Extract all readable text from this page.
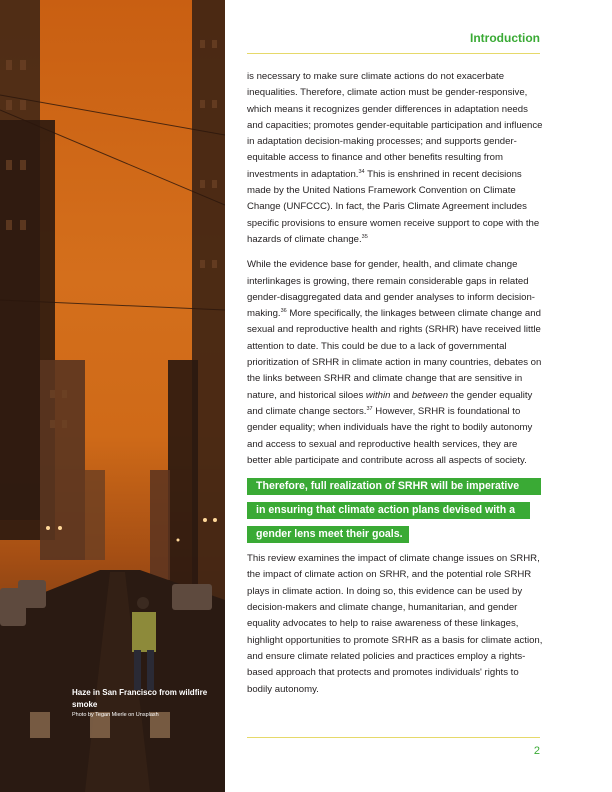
Haze in San Francisco from wildfire smoke
Photo by Tegan Mierle on Unsplash
Introduction

is necessary to make sure climate actions do not exacerbate inequalities. Therefore, climate action must be gender-responsive, which means it recognizes gender differences in adaptation needs and capacities; promotes gender-equitable participation and influence in adaptation decision-making processes; and supports gender-equitable access to finance and other benefits resulting from investments in adaptation.$^{34}$ This is enshrined in recent decisions made by the United Nations Framework Convention on Climate Change (UNFCCC). In fact, the Paris Climate Agreement includes specific provisions to ensure women receive support to cope with the hazards of climate change.$^{35}$

While the evidence base for gender, health, and climate change interlinkages is growing, there remain considerable gaps in related gender-disaggregated data and gender analyses to inform decision-making.$^{36}$ More specifically, the linkages between climate change and sexual and reproductive health and rights (SRHR) have received little attention to date. This could be due to a lack of governmental prioritization of SRHR in climate action in many countries, debates on the links between SRHR and climate change that are sensitive in nature, and historical siloes within and between the gender equality and climate change sectors.$^{37}$ However, SRHR is foundational to gender equality; when individuals have the right to bodily autonomy and access to sexual and reproductive health services, they are better able participate and contribute across all aspects of society.

Therefore, full realization of SRHR will be imperative
in ensuring that climate action plans devised with a
gender lens meet their goals.

This review examines the impact of climate change issues on SRHR, the impact of climate action on SRHR, and the potential role SRHR plays in climate action. In doing so, this evidence can be used by decision-makers and climate change, humanitarian, and gender equality advocates to help to raise awareness of these linkages, highlight opportunities to promote SRHR as a basis for climate action, and ensure climate related policies and practices employ a rights-based approach that protects and promotes individuals' rights to bodily autonomy.

2
